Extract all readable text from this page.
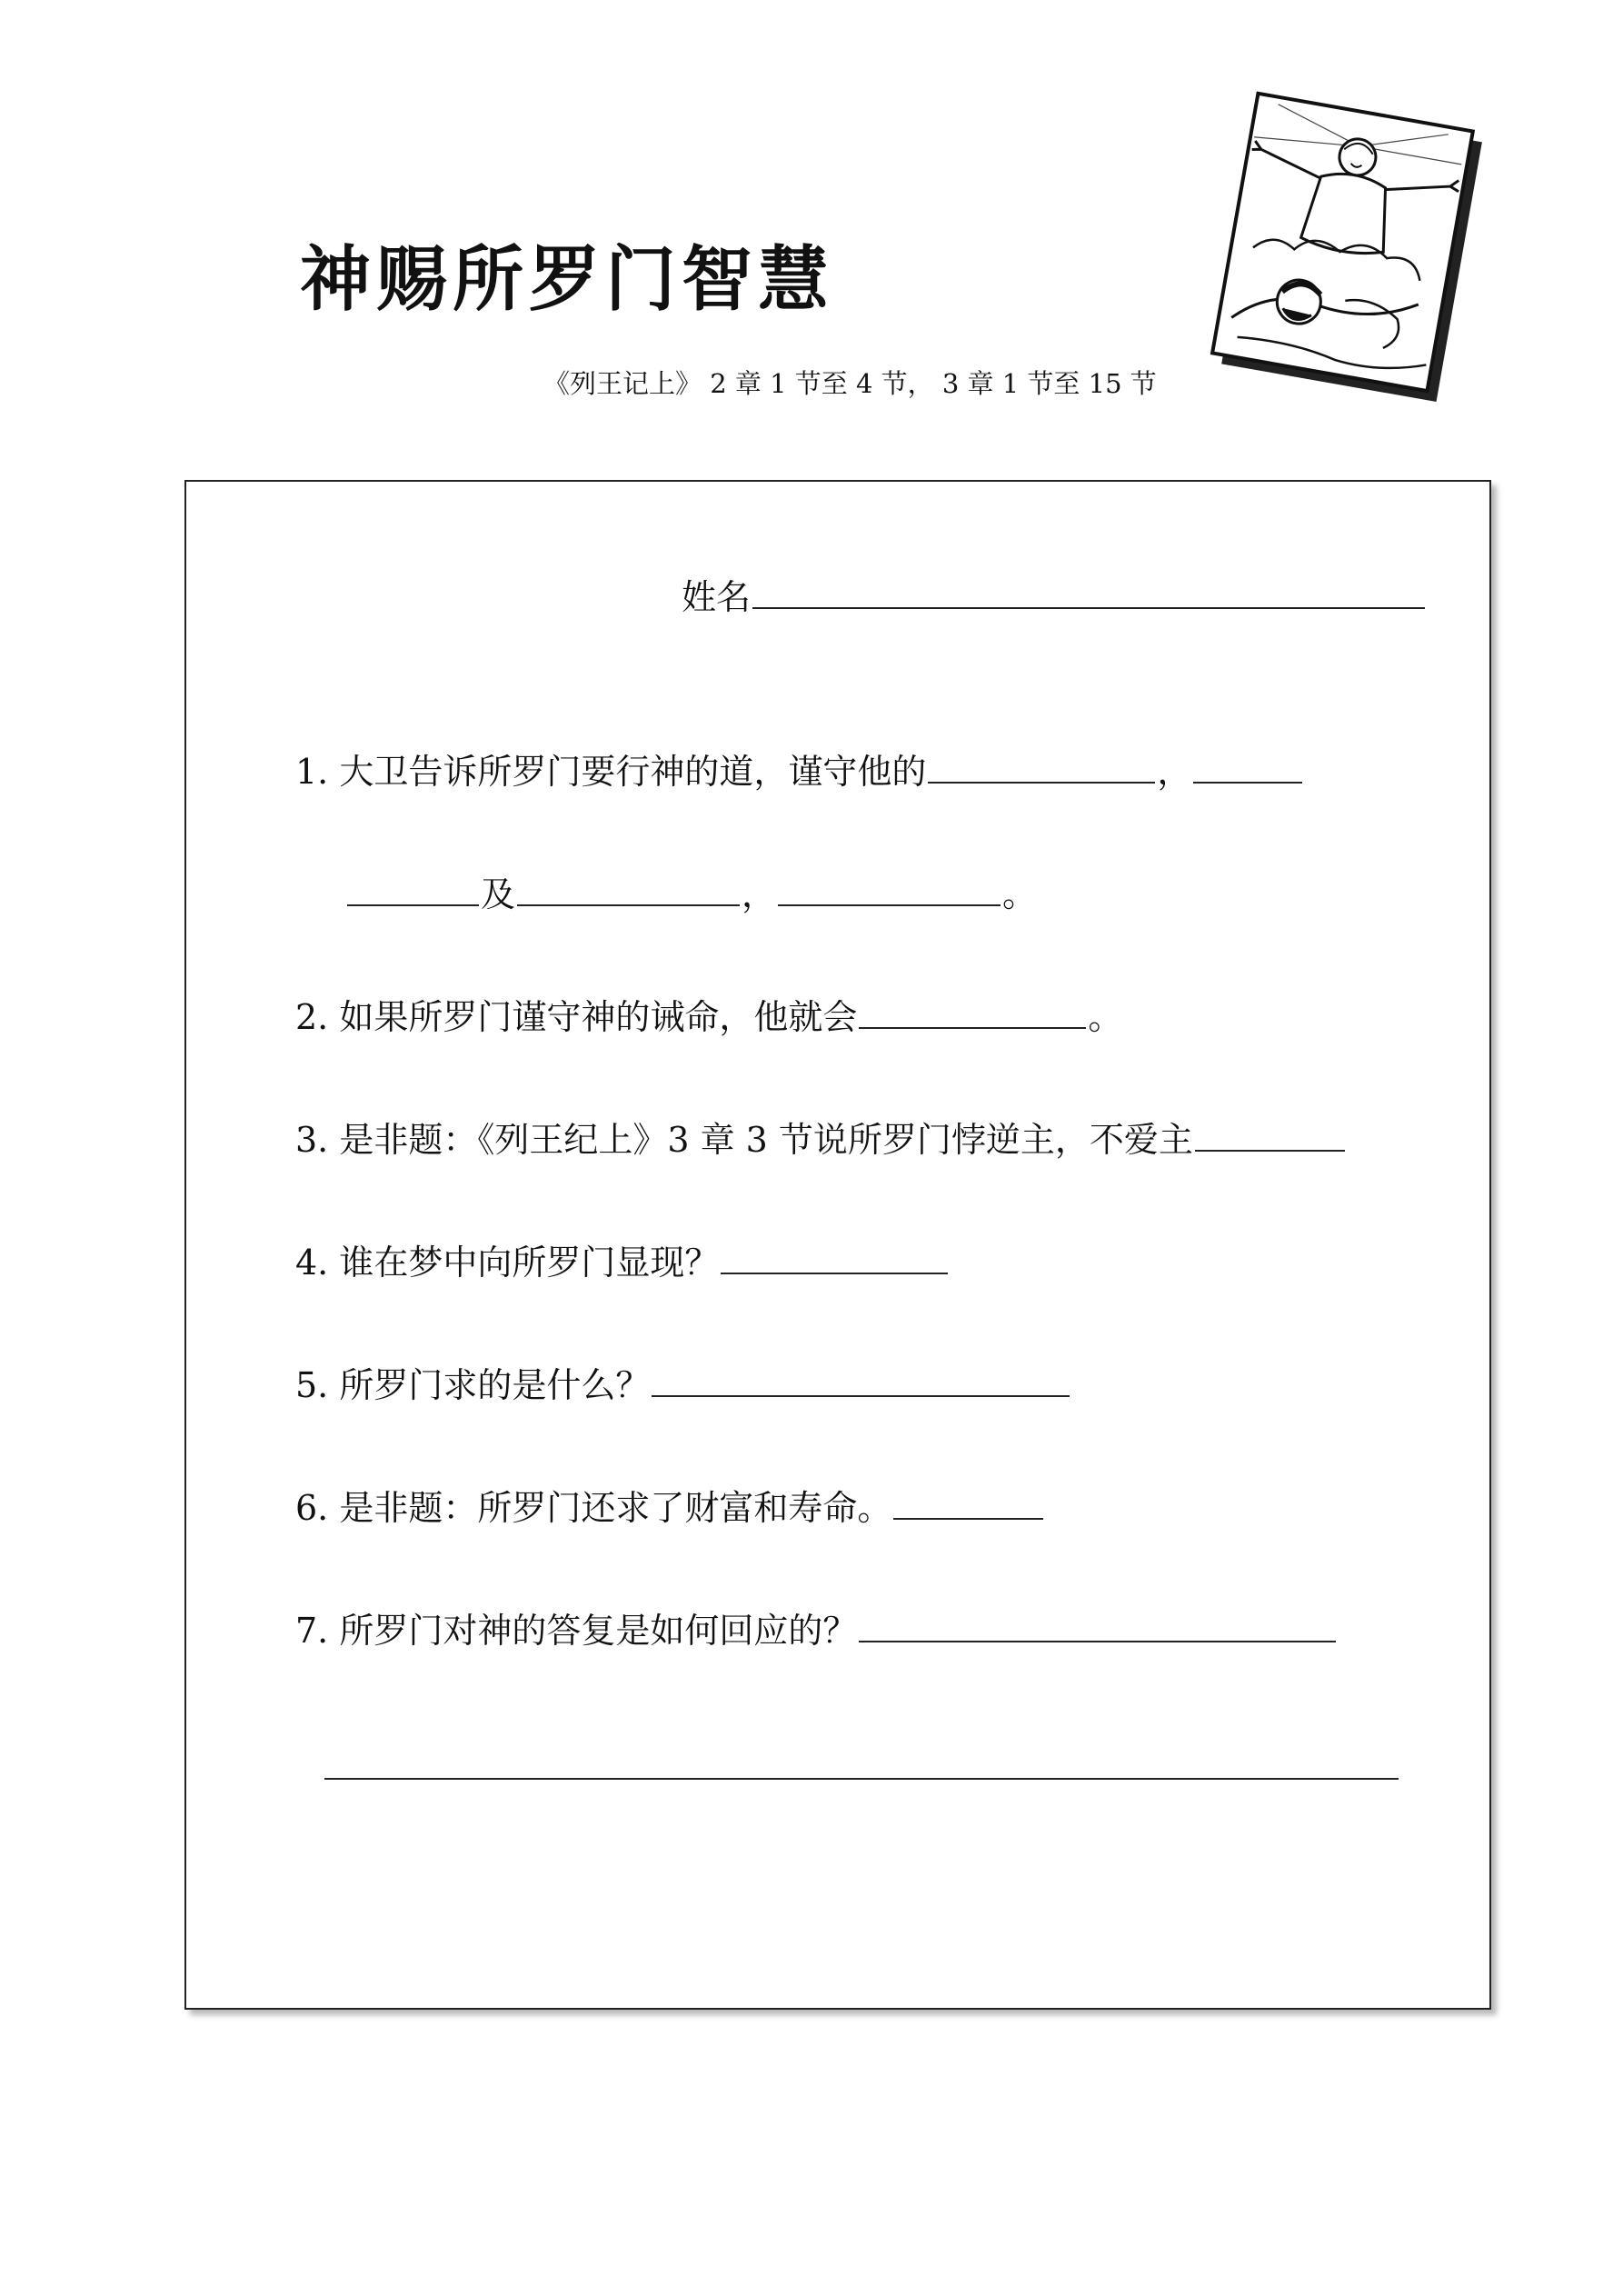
神赐所罗门智慧
《列王记上》 2 章 1 节至 4 节， 3 章 1 节至 15 节
姓名
1. 大卫告诉所罗门要行神的道，谨守他的	，
及	，	。
2. 如果所罗门谨守神的诫命，他就会	。
3. 是非题：《列王纪上》3 章 3 节说所罗门悖逆主，不爱主
4. 谁在梦中向所罗门显现？
5. 所罗门求的是什么？
6. 是非题：所罗门还求了财富和寿命。
7. 所罗门对神的答复是如何回应的？
